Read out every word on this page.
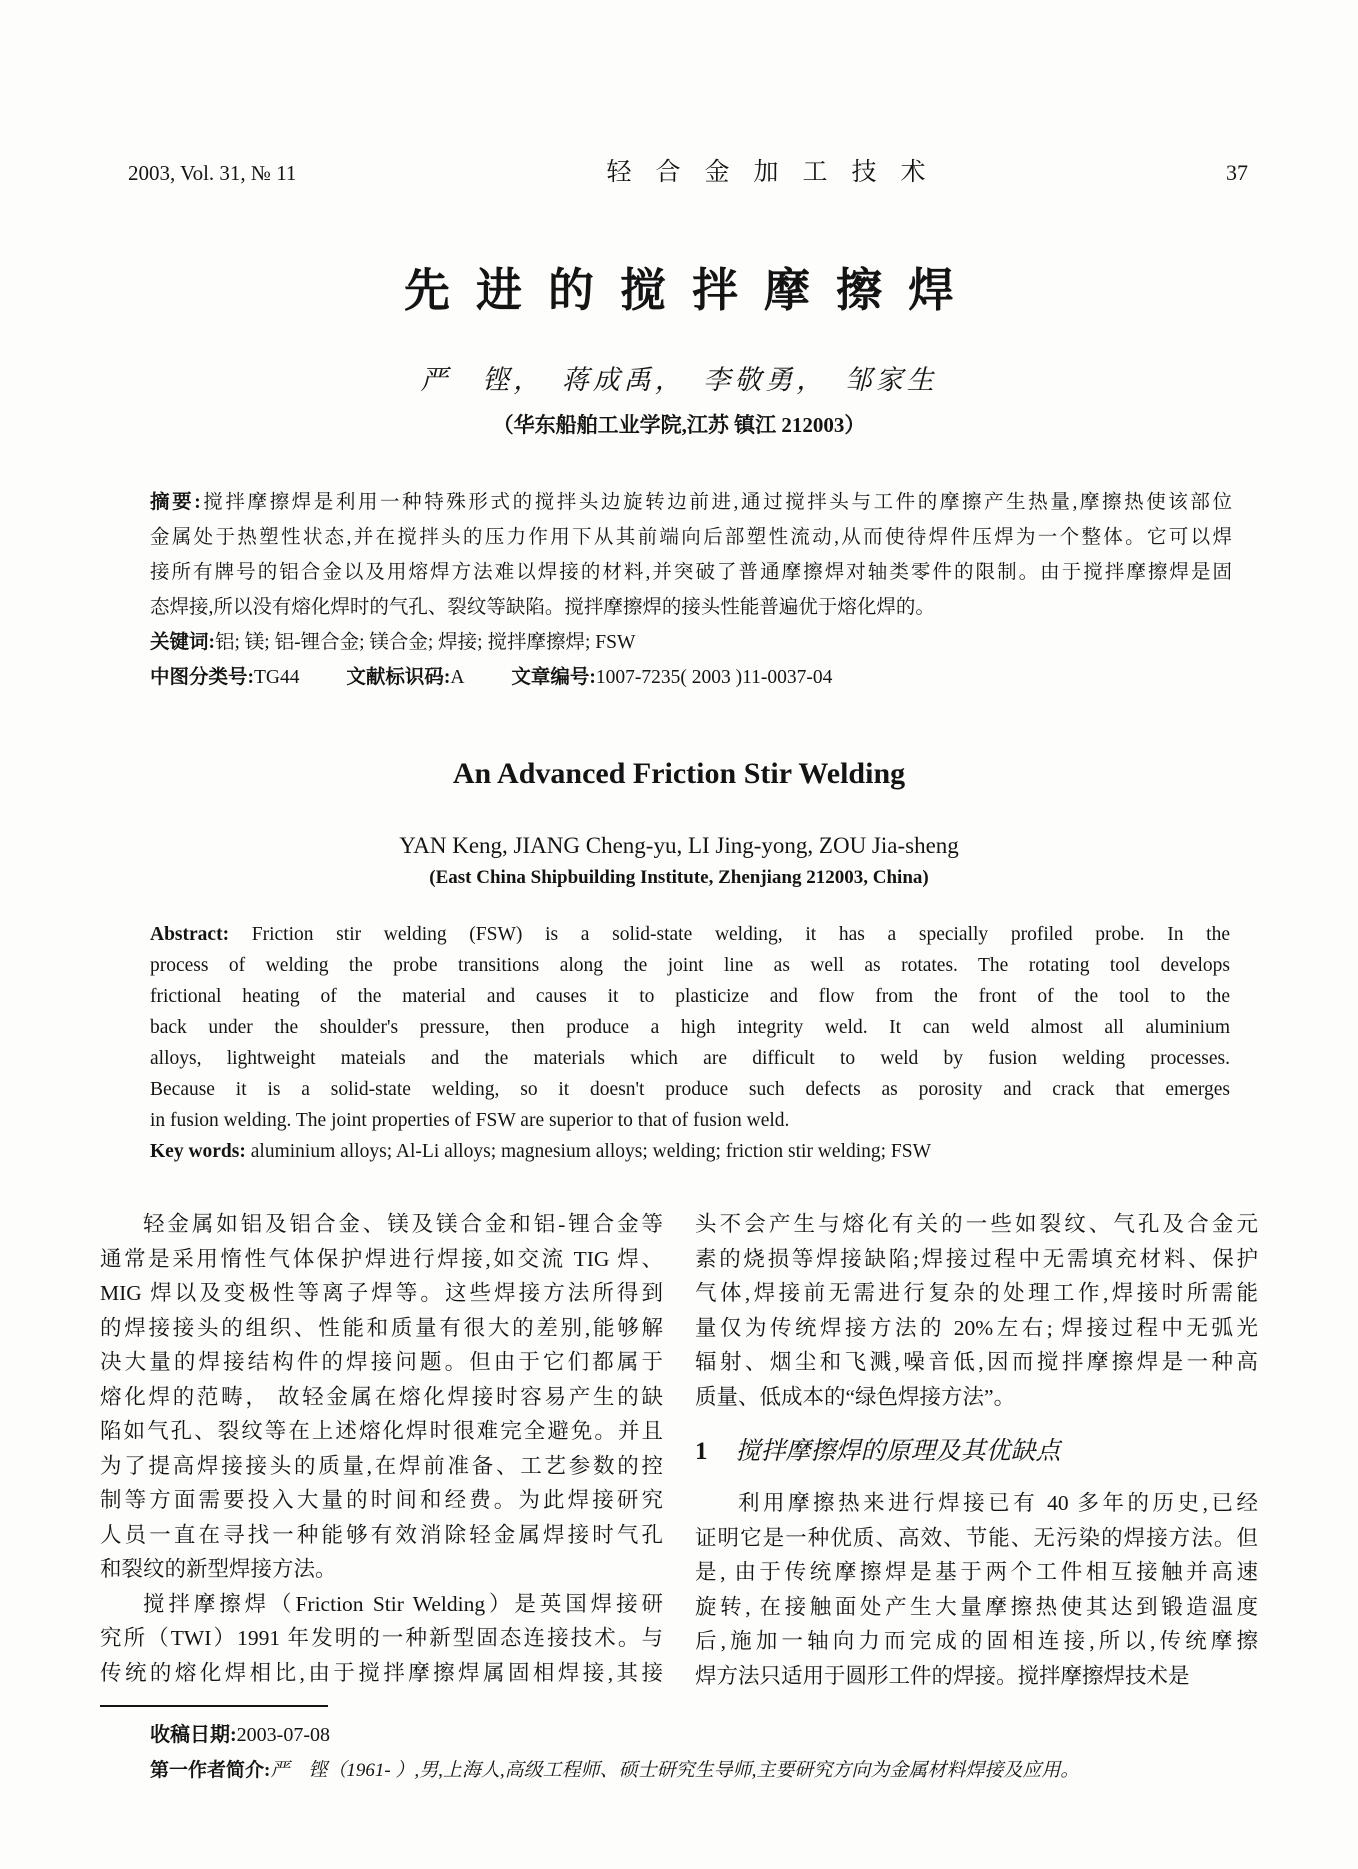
2003, Vol. 31, № 11	轻合金加工技术	37
先进的搅拌摩擦焊
严　铿，　蒋成禹，　李敬勇，　邹家生
（华东船舶工业学院,江苏 镇江 212003）
摘要:搅拌摩擦焊是利用一种特殊形式的搅拌头边旋转边前进,通过搅拌头与工件的摩擦产生热量,摩擦热使该部位
金属处于热塑性状态,并在搅拌头的压力作用下从其前端向后部塑性流动,从而使待焊件压焊为一个整体。它可以焊
接所有牌号的铝合金以及用熔焊方法难以焊接的材料,并突破了普通摩擦焊对轴类零件的限制。由于搅拌摩擦焊是固
态焊接,所以没有熔化焊时的气孔、裂纹等缺陷。搅拌摩擦焊的接头性能普遍优于熔化焊的。
关键词:铝; 镁; 铝-锂合金; 镁合金; 焊接; 搅拌摩擦焊; FSW
中图分类号:TG44 文献标识码:A 文章编号:1007-7235( 2003 )11-0037-04
An Advanced Friction Stir Welding
YAN Keng, JIANG Cheng-yu, LI Jing-yong, ZOU Jia-sheng
(East China Shipbuilding Institute, Zhenjiang 212003, China)
Abstract: Friction stir welding (FSW) is a solid-state welding, it has a specially profiled probe. In the
process of welding the probe transitions along the joint line as well as rotates. The rotating tool develops
frictional heating of the material and causes it to plasticize and flow from the front of the tool to the
back under the shoulder's pressure, then produce a high integrity weld. It can weld almost all aluminium
alloys, lightweight mateials and the materials which are difficult to weld by fusion welding processes.
Because it is a solid-state welding, so it doesn't produce such defects as porosity and crack that emerges
in fusion welding. The joint properties of FSW are superior to that of fusion weld.
Key words: aluminium alloys; Al-Li alloys; magnesium alloys; welding; friction stir welding; FSW
轻金属如铝及铝合金、镁及镁合金和铝-锂合金等
通常是采用惰性气体保护焊进行焊接,如交流 TIG 焊、
MIG 焊以及变极性等离子焊等。这些焊接方法所得到
的焊接接头的组织、性能和质量有很大的差别,能够解
决大量的焊接结构件的焊接问题。但由于它们都属于
熔化焊的范畴， 故轻金属在熔化焊接时容易产生的缺
陷如气孔、裂纹等在上述熔化焊时很难完全避免。并且
为了提高焊接接头的质量,在焊前准备、工艺参数的控
制等方面需要投入大量的时间和经费。为此焊接研究
人员一直在寻找一种能够有效消除轻金属焊接时气孔
和裂纹的新型焊接方法。
搅拌摩擦焊（Friction Stir Welding）是英国焊接研
究所（TWI）1991 年发明的一种新型固态连接技术。与
传统的熔化焊相比,由于搅拌摩擦焊属固相焊接,其接
头不会产生与熔化有关的一些如裂纹、气孔及合金元
素的烧损等焊接缺陷;焊接过程中无需填充材料、保护
气体,焊接前无需进行复杂的处理工作,焊接时所需能
量仅为传统焊接方法的 20%左右; 焊接过程中无弧光
辐射、烟尘和飞溅,噪音低,因而搅拌摩擦焊是一种高
质量、低成本的“绿色焊接方法”。
1 搅拌摩擦焊的原理及其优缺点
利用摩擦热来进行焊接已有 40 多年的历史,已经
证明它是一种优质、高效、节能、无污染的焊接方法。但
是, 由于传统摩擦焊是基于两个工件相互接触并高速
旋转, 在接触面处产生大量摩擦热使其达到锻造温度
后,施加一轴向力而完成的固相连接,所以,传统摩擦
焊方法只适用于圆形工件的焊接。搅拌摩擦焊技术是
收稿日期:2003-07-08
第一作者简介:严　铿（1961- ）,男,上海人,高级工程师、硕士研究生导师,主要研究方向为金属材料焊接及应用。
